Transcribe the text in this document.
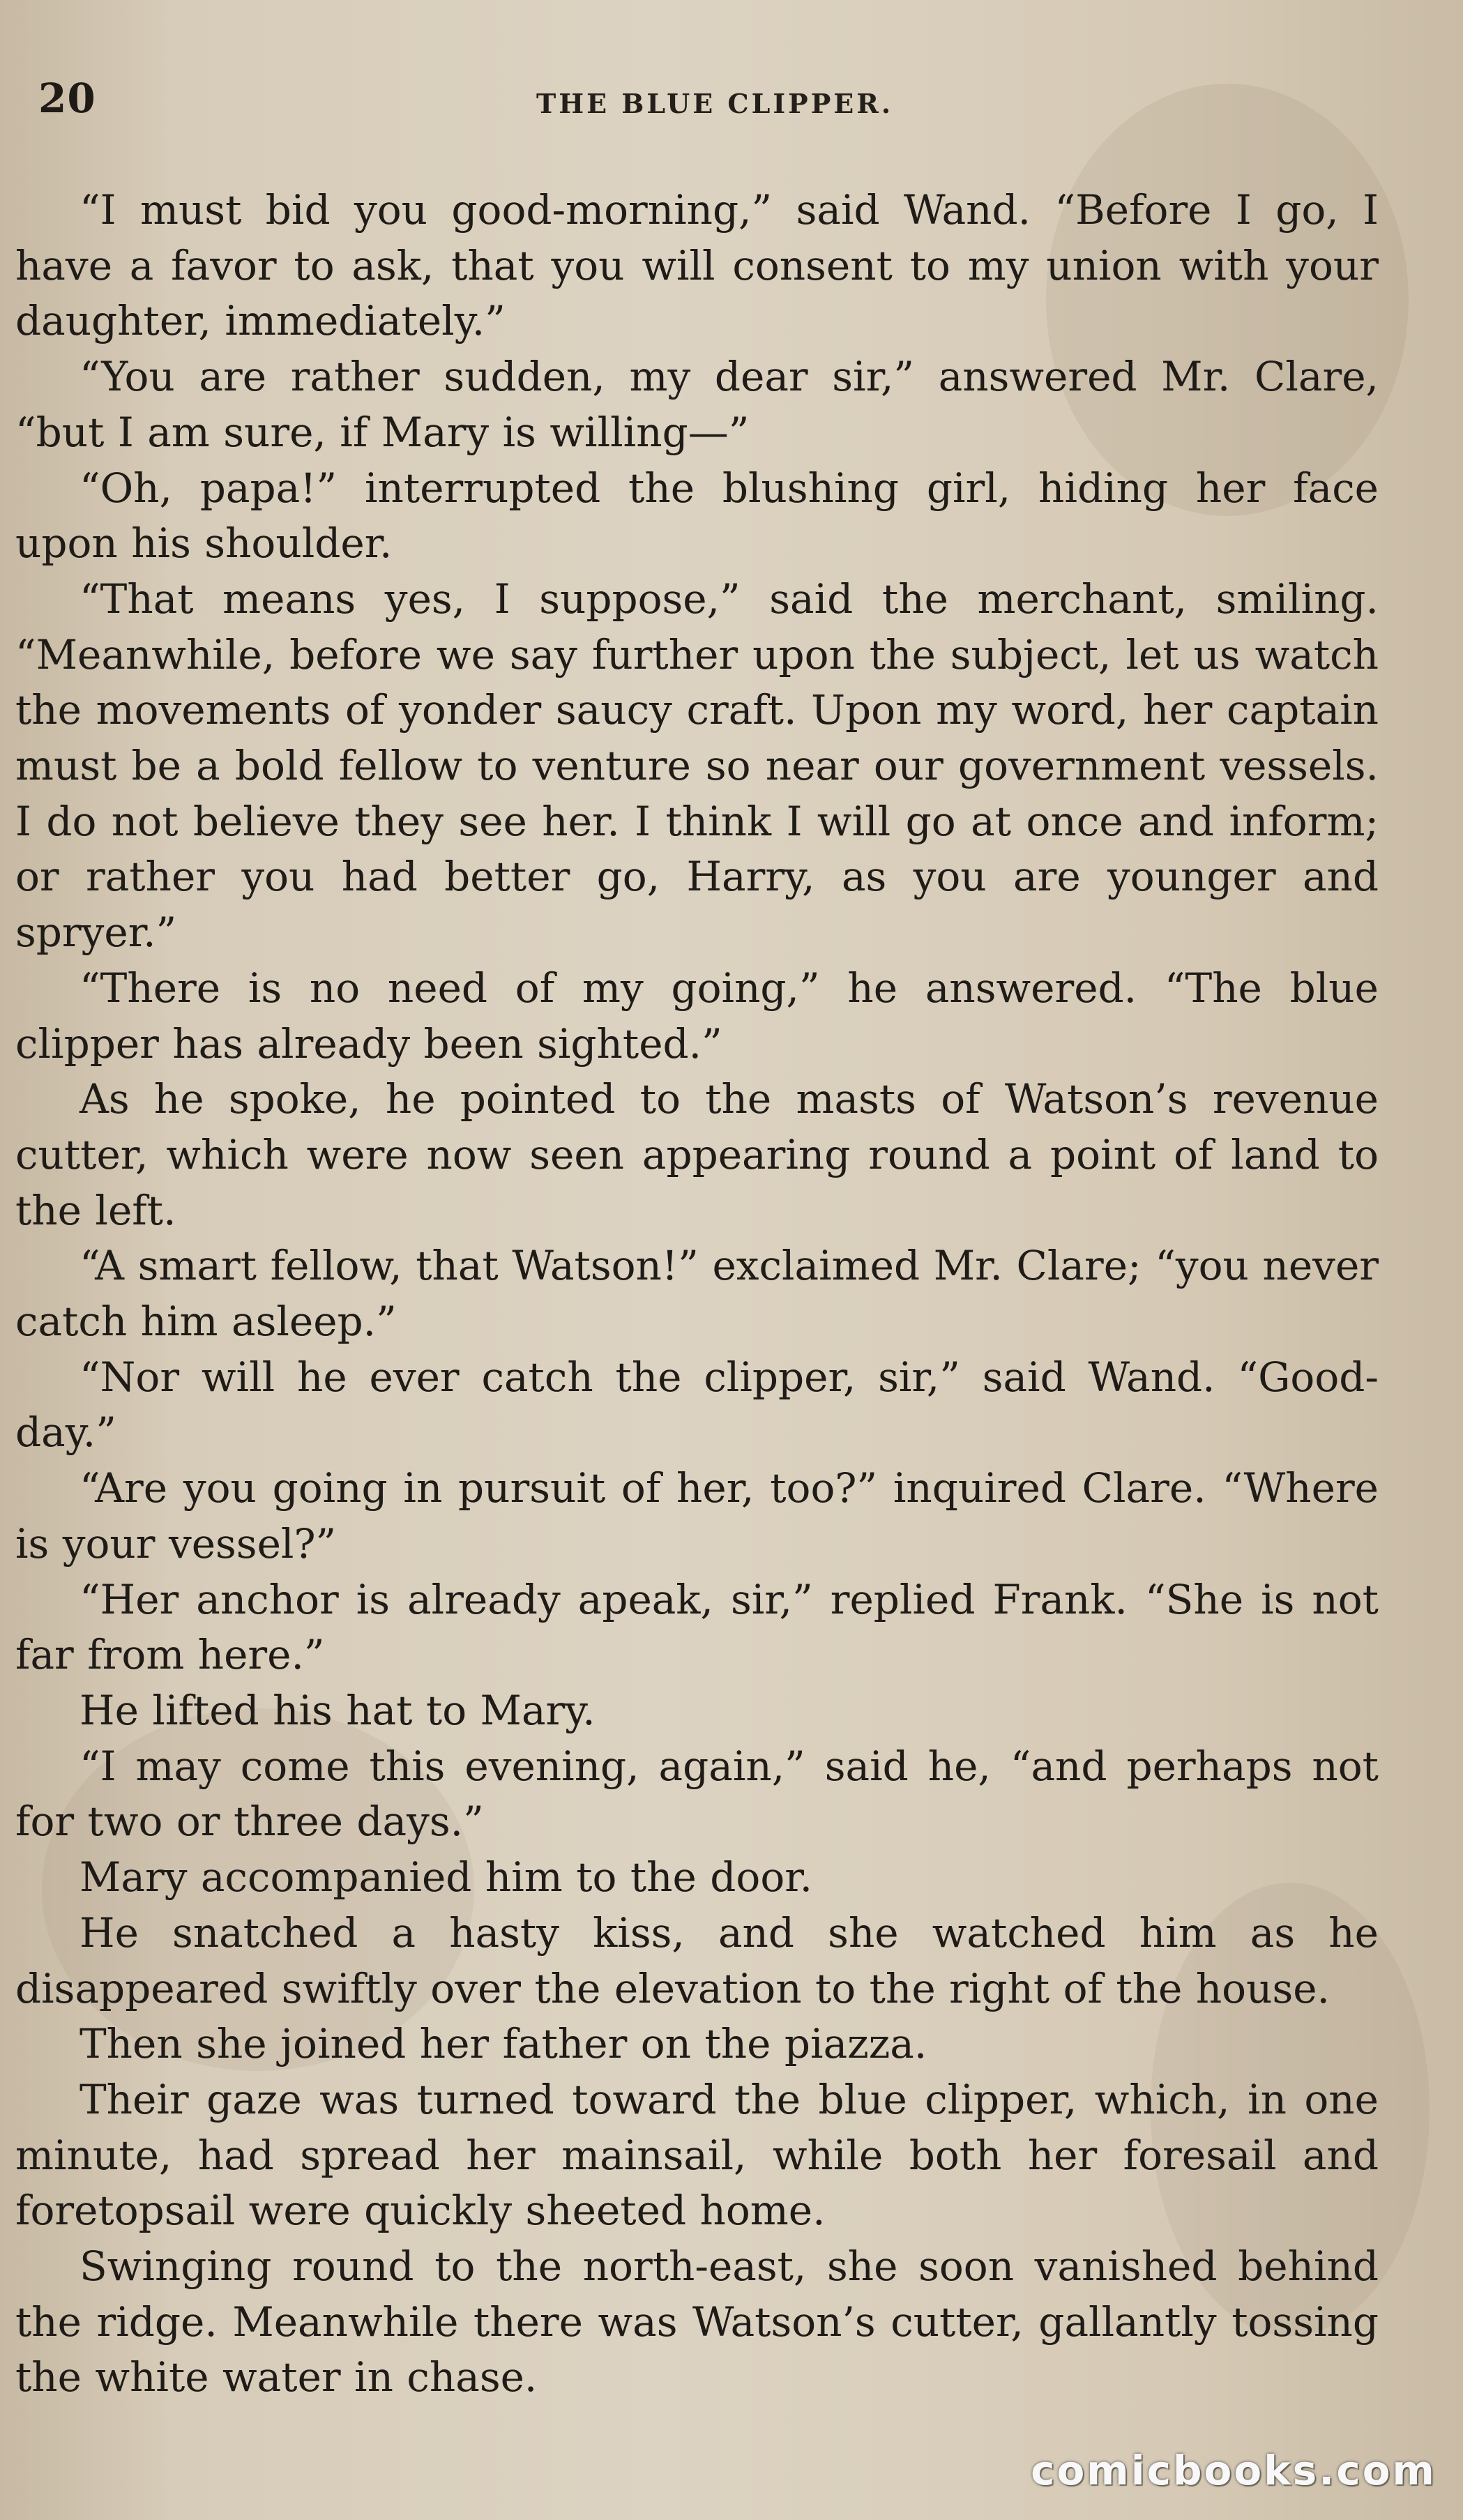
20	THE BLUE CLIPPER.

“I must bid you good-morning,” said Wand. “Before I go, I have a favor to ask, that you will consent to my union with your daughter, immediately.”

“You are rather sudden, my dear sir,” answered Mr. Clare, “but I am sure, if Mary is willing—”

“Oh, papa!” interrupted the blushing girl, hiding her face upon his shoulder.

“That means yes, I suppose,” said the merchant, smiling. “Meanwhile, before we say further upon the subject, let us watch the movements of yonder saucy craft. Upon my word, her captain must be a bold fellow to venture so near our government vessels. I do not believe they see her. I think I will go at once and inform; or rather you had better go, Harry, as you are younger and spryer.”

“There is no need of my going,” he answered. “The blue clipper has already been sighted.”

As he spoke, he pointed to the masts of Watson’s revenue cutter, which were now seen appearing round a point of land to the left.

“A smart fellow, that Watson!” exclaimed Mr. Clare; “you never catch him asleep.”

“Nor will he ever catch the clipper, sir,” said Wand. “Good-day.”

“Are you going in pursuit of her, too?” inquired Clare. “Where is your vessel?”

“Her anchor is already apeak, sir,” replied Frank. “She is not far from here.”

He lifted his hat to Mary.

“I may come this evening, again,” said he, “and perhaps not for two or three days.”

Mary accompanied him to the door.

He snatched a hasty kiss, and she watched him as he disappeared swiftly over the elevation to the right of the house.

Then she joined her father on the piazza.

Their gaze was turned toward the blue clipper, which, in one minute, had spread her mainsail, while both her foresail and foretopsail were quickly sheeted home.

Swinging round to the north-east, she soon vanished behind the ridge. Meanwhile there was Watson’s cutter, gallantly tossing the white water in chase.

comicbooks.com
